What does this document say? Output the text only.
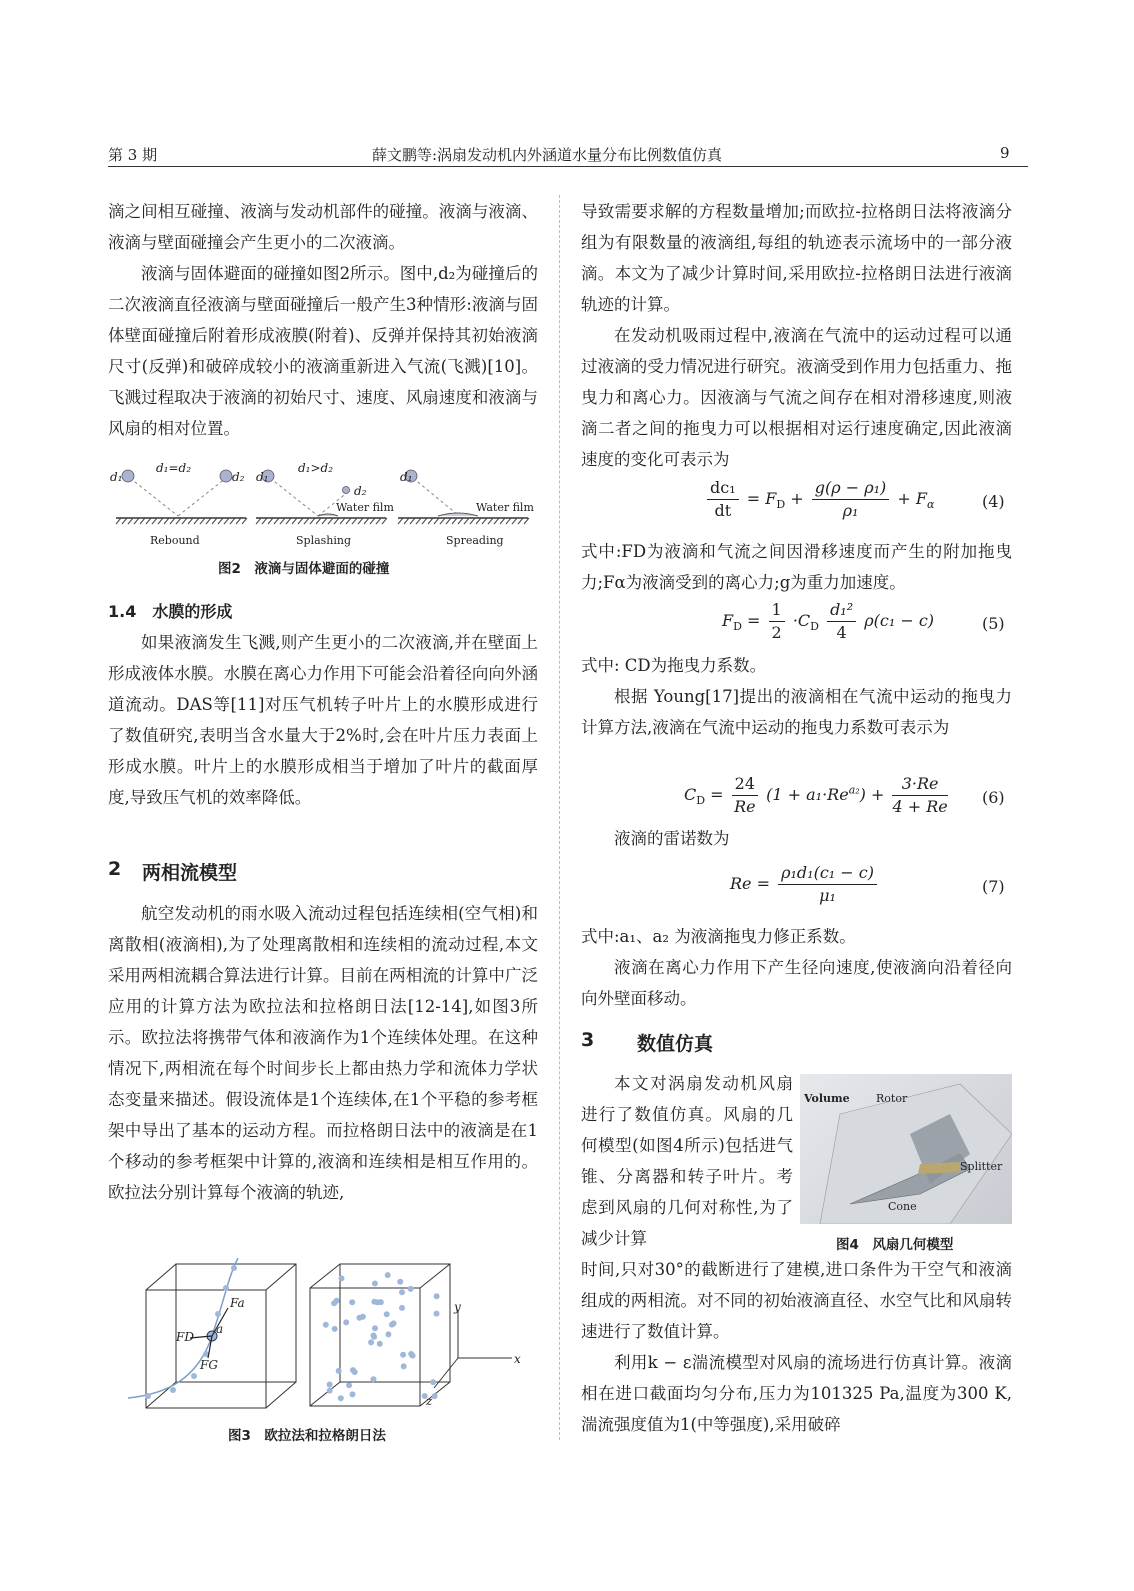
第 3 期	薛文鹏等:涡扇发动机内外涵道水量分布比例数值仿真	9

滴之间相互碰撞、液滴与发动机部件的碰撞。液滴与液滴、液滴与壁面碰撞会产生更小的二次液滴。

液滴与固体避面的碰撞如图2所示。图中,d₂为碰撞后的二次液滴直径液滴与壁面碰撞后一般产生3种情形:液滴与固体壁面碰撞后附着形成液膜(附着)、反弹并保持其初始液滴尺寸(反弹)和破碎成较小的液滴重新进入气流(飞溅)[10]。飞溅过程取决于液滴的初始尺寸、速度、风扇速度和液滴与风扇的相对位置。

d₁
d₁=d₂
d₂ d₁
d₁>d₂
d₂
Water film
d₁
Water film
Rebound	Splashing	Spreading
图2　液滴与固体避面的碰撞

1.4　水膜的形成

如果液滴发生飞溅,则产生更小的二次液滴,并在壁面上形成液体水膜。水膜在离心力作用下可能会沿着径向向外涵道流动。DAS等[11]对压气机转子叶片上的水膜形成进行了数值研究,表明当含水量大于2%时,会在叶片压力表面上形成水膜。叶片上的水膜形成相当于增加了叶片的截面厚度,导致压气机的效率降低。

2 两相流模型

航空发动机的雨水吸入流动过程包括连续相(空气相)和离散相(液滴相),为了处理离散相和连续相的流动过程,本文采用两相流耦合算法进行计算。目前在两相流的计算中广泛应用的计算方法为欧拉法和拉格朗日法[12-14],如图3所示。欧拉法将携带气体和液滴作为1个连续体处理。在这种情况下,两相流在每个时间步长上都由热力学和流体力学状态变量来描述。假设流体是1个连续体,在1个平稳的参考框架中导出了基本的运动方程。而拉格朗日法中的液滴是在1个移动的参考框架中计算的,液滴和连续相是相互作用的。欧拉法分别计算每个液滴的轨迹,

Fa
FD
FG
a
x
y
z
图3　欧拉法和拉格朗日法

导致需要求解的方程数量增加;而欧拉-拉格朗日法将液滴分组为有限数量的液滴组,每组的轨迹表示流场中的一部分液滴。本文为了减少计算时间,采用欧拉-拉格朗日法进行液滴轨迹的计算。

在发动机吸雨过程中,液滴在气流中的运动过程可以通过液滴的受力情况进行研究。液滴受到作用力包括重力、拖曳力和离心力。因液滴与气流之间存在相对滑移速度,则液滴二者之间的拖曳力可以根据相对运行速度确定,因此液滴速度的变化可表示为

$\frac{\text{dc₁}}{dt} = F_D + \frac{\text{g(ρ − ρ₁)}}{\text{ρ₁}} + F_\alpha$	(4)

式中:FD为液滴和气流之间因滑移速度而产生的附加拖曳力;Fα为液滴受到的离心力;g为重力加速度。

$F_D = \frac{1}{2} \cdot C_D \frac{\text{d₁²}}{4} \rho(c_1 - c)$	(5)

式中: CD为拖曳力系数。

根据 Young[17]提出的液滴相在气流中运动的拖曳力计算方法,液滴在气流中运动的拖曳力系数可表示为

$C_D = \frac{24}{Re} (1 + a_1\cdot Re^{a_2}) + \frac{3\cdot Re}{4 + Re} (6)$

液滴的雷诺数为

$Re = \frac{\text{ρ₁d₁(c₁ − c)}}{\text{μ₁}}$	(7)

式中:a₁、a₂ 为液滴拖曳力修正系数。

液滴在离心力作用下产生径向速度,使液滴向沿着径向向外壁面移动。

3 数值仿真

本文对涡扇发动机风扇进行了数值仿真。风扇的几何模型(如图4所示)包括进气锥、分离器和转子叶片。考虑到风扇的几何对称性,为了减少计算

Volume Rotor
Splitter
Cone
图4　风扇几何模型

时间,只对30°的截断进行了建模,进口条件为干空气和液滴组成的两相流。对不同的初始液滴直径、水空气比和风扇转速进行了数值计算。

利用k − ε湍流模型对风扇的流场进行仿真计算。液滴相在进口截面均匀分布,压力为101325 Pa,温度为300 K,湍流强度值为1(中等强度),采用破碎
